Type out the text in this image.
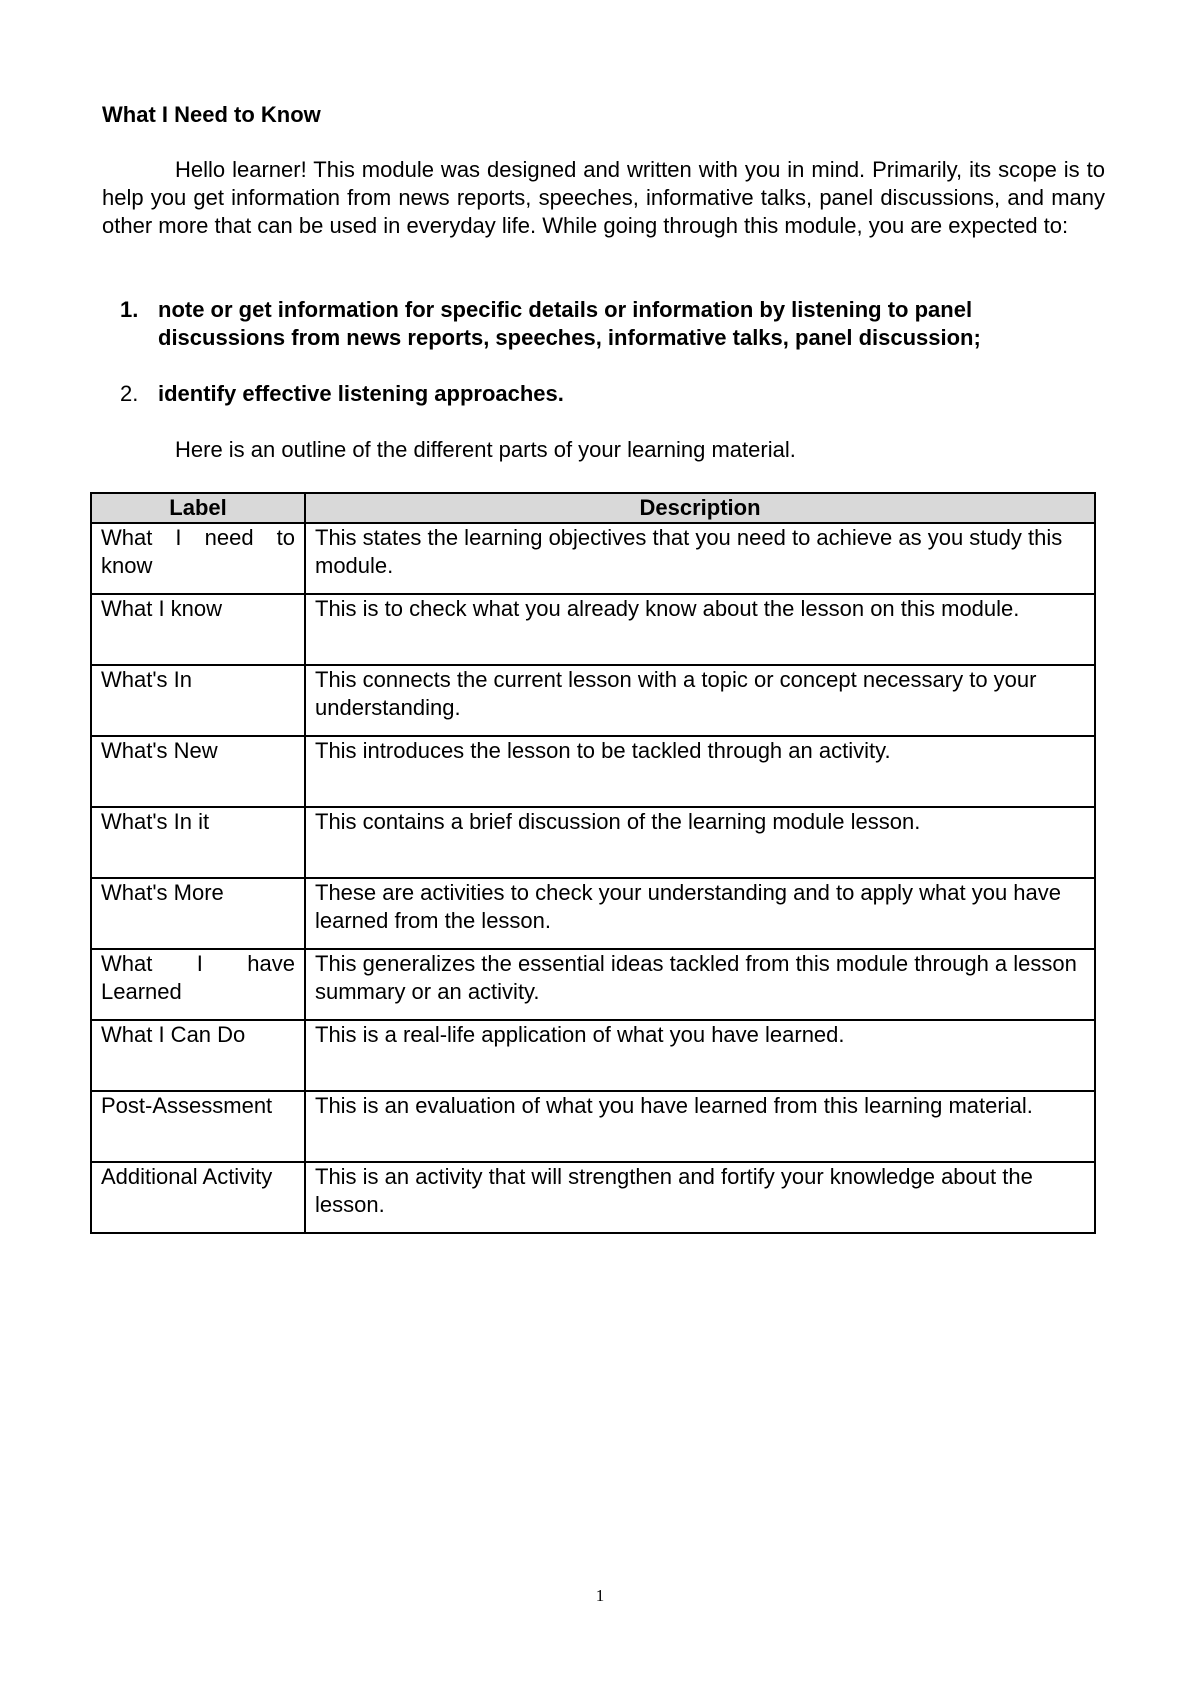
What I Need to Know

Hello learner! This module was designed and written with you in mind. Primarily, its scope is to help you get information from news reports, speeches, informative talks, panel discussions, and many other more that can be used in everyday life. While going through this module, you are expected to:

1. note or get information for specific details or information by listening to panel discussions from news reports, speeches, informative talks, panel discussion;
2. identify effective listening approaches.

Here is an outline of the different parts of your learning material.

Label	Description
What I need to know	This states the learning objectives that you need to achieve as you study this module.
What I know	This is to check what you already know about the lesson on this module.
What's In	This connects the current lesson with a topic or concept necessary to your understanding.
What's New	This introduces the lesson to be tackled through an activity.
What's In it	This contains a brief discussion of the learning module lesson.
What's More	These are activities to check your understanding and to apply what you have learned from the lesson.
What I have Learned	This generalizes the essential ideas tackled from this module through a lesson summary or an activity.
What I Can Do	This is a real-life application of what you have learned.
Post-Assessment	This is an evaluation of what you have learned from this learning material.
Additional Activity	This is an activity that will strengthen and fortify your knowledge about the lesson.
1
